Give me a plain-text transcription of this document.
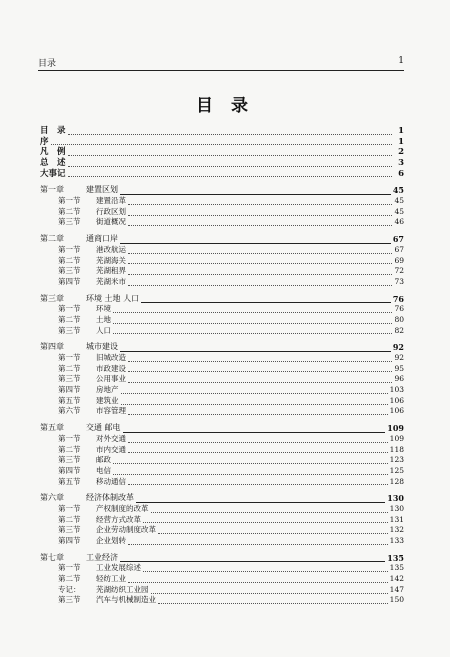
目录	1
目 录
目　录	1
序	1
凡　例	2
总　述	3
大事记	6
第一章	建置区划	45
第一节 建置沿革	45
第二节 行政区划	45
第三节 街道概况	46
第二章	通商口岸	67
第一节 港改航运	67
第二节 芜湖海关	69
第三节 芜湖租界	72
第四节 芜湖米市	73
第三章	环境 土地 人口	76
第一节 环境	76
第二节 土地	80
第三节 人口	82
第四章	城市建设	92
第一节 旧城改造	92
第二节 市政建设	95
第三节 公用事业	96
第四节 房地产	103
第五节 建筑业	106
第六节 市容管理	106
第五章	交通 邮电	109
第一节 对外交通	109
第二节 市内交通	118
第三节 邮政	123
第四节 电信	125
第五节 移动通信	128
第六章	经济体制改革	130
第一节 产权制度的改革	130
第二节 经营方式改革	131
第三节 企业劳动制度改革	132
第四节 企业划转	133
第七章	工业经济	135
第一节 工业发展综述	135
第二节 轻纺工业	142
专记： 芜湖纺织工业园	147
第三节 汽车与机械制造业	150
